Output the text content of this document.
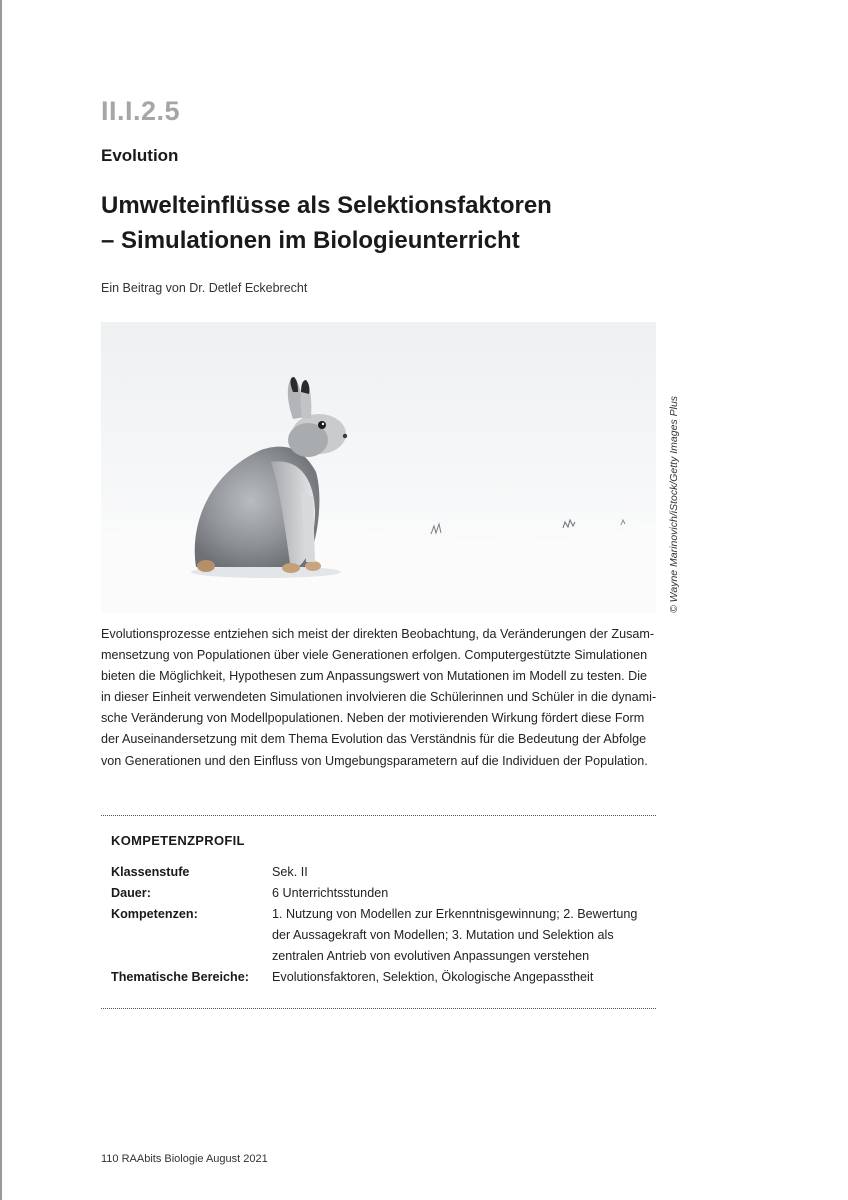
II.I.2.5
Evolution
Umwelteinflüsse als Selektionsfaktoren
– Simulationen im Biologieunterricht
Ein Beitrag von Dr. Detlef Eckebrecht
© Wayne Marinovich/iStock/Getty Images Plus
Evolutionsprozesse entziehen sich meist der direkten Beobachtung, da Veränderungen der Zusam-
mensetzung von Populationen über viele Generationen erfolgen. Computergestützte Simulationen
bieten die Möglichkeit, Hypothesen zum Anpassungswert von Mutationen im Modell zu testen. Die
in dieser Einheit verwendeten Simulationen involvieren die Schülerinnen und Schüler in die dynami-
sche Veränderung von Modellpopulationen. Neben der motivierenden Wirkung fördert diese Form
der Auseinandersetzung mit dem Thema Evolution das Verständnis für die Bedeutung der Abfolge
von Generationen und den Einfluss von Umgebungsparametern auf die Individuen der Population.
KOMPETENZPROFIL
Klassenstufe	Sek. II
Dauer:	6 Unterrichtsstunden
Kompetenzen:	1. Nutzung von Modellen zur Erkenntnisgewinnung; 2. Bewertung
der Aussagekraft von Modellen; 3. Mutation und Selektion als
zentralen Antrieb von evolutiven Anpassungen verstehen
Thematische Bereiche: Evolutionsfaktoren, Selektion, Ökologische Angepasstheit
110 RAAbits Biologie August 2021
